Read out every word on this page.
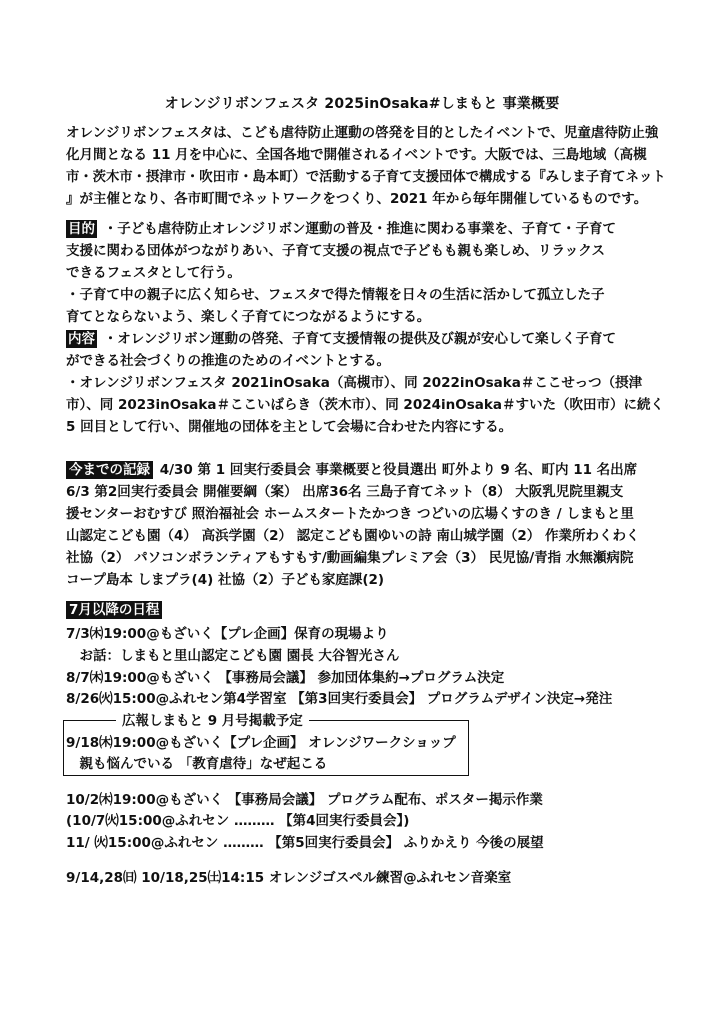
オレンジリボンフェスタ 2025inOsaka#しまもと 事業概要
オレンジリボンフェスタは、こども虐待防止運動の啓発を目的としたイベントで、児童虐待防止強
化月間となる 11 月を中心に、全国各地で開催されるイベントです。大阪では、三島地域（高槻
市・茨木市・摂津市・吹田市・島本町）で活動する子育て支援団体で構成する『みしま子育てネット
』が主催となり、各市町間でネットワークをつくり、2021 年から毎年開催しているものです。
目的 ・子ども虐待防止オレンジリボン運動の普及・推進に関わる事業を、子育て・子育て
支援に関わる団体がつながりあい、子育て支援の視点で子どもも親も楽しめ、リラックス
できるフェスタとして行う。
・子育て中の親子に広く知らせ、フェスタで得た情報を日々の生活に活かして孤立した子
育てとならないよう、楽しく子育てにつながるようにする。
内容 ・オレンジリボン運動の啓発、子育て支援情報の提供及び親が安心して楽しく子育て
ができる社会づくりの推進のためのイベントとする。
・オレンジリボンフェスタ 2021inOsaka（高槻市）、同 2022inOsaka＃ここせっつ（摂津
市）、同 2023inOsaka＃ここいばらき（茨木市）、同 2024inOsaka＃すいた（吹田市）に続く
5 回目として行い、開催地の団体を主として会場に合わせた内容にする。
今までの記録 4/30 第 1 回実行委員会 事業概要と役員選出 町外より 9 名、町内 11 名出席
6/3 第2回実行委員会 開催要綱（案） 出席36名 三島子育てネット（8） 大阪乳児院里親支
援センターおむすび 照治福祉会 ホームスタートたかつき つどいの広場くすのき / しまもと里
山認定こども園（4） 高浜学園（2） 認定こども園ゆいの詩 南山城学園（2） 作業所わくわく
社協（2） パソコンボランティアもすもす/動画編集プレミア会（3） 民児協/青指 水無瀬病院
コープ島本 しまプラ(4) 社協（2）子ども家庭課(2)
7月以降の日程
7/3㈭19:00@もざいく【プレ企画】保育の現場より
　お話：しまもと里山認定こども園 園長 大谷智光さん
8/7㈭19:00@もざいく 【事務局会議】 参加団体集約→プログラム決定
8/26㈫15:00@ふれセン第4学習室 【第3回実行委員会】 プログラムデザイン決定→発注
広報しまもと 9 月号掲載予定
9/18㈭19:00@もざいく【プレ企画】 オレンジワークショップ
　親も悩んでいる 「教育虐待」なぜ起こる
10/2㈭19:00@もざいく 【事務局会議】 プログラム配布、ポスター掲示作業
(10/7㈫15:00@ふれセン ……… 【第4回実行委員会】)
11/ ㈫15:00@ふれセン ……… 【第5回実行委員会】 ふりかえり 今後の展望
9/14,28㈰ 10/18,25㈯14:15 オレンジゴスペル練習@ふれセン音楽室
